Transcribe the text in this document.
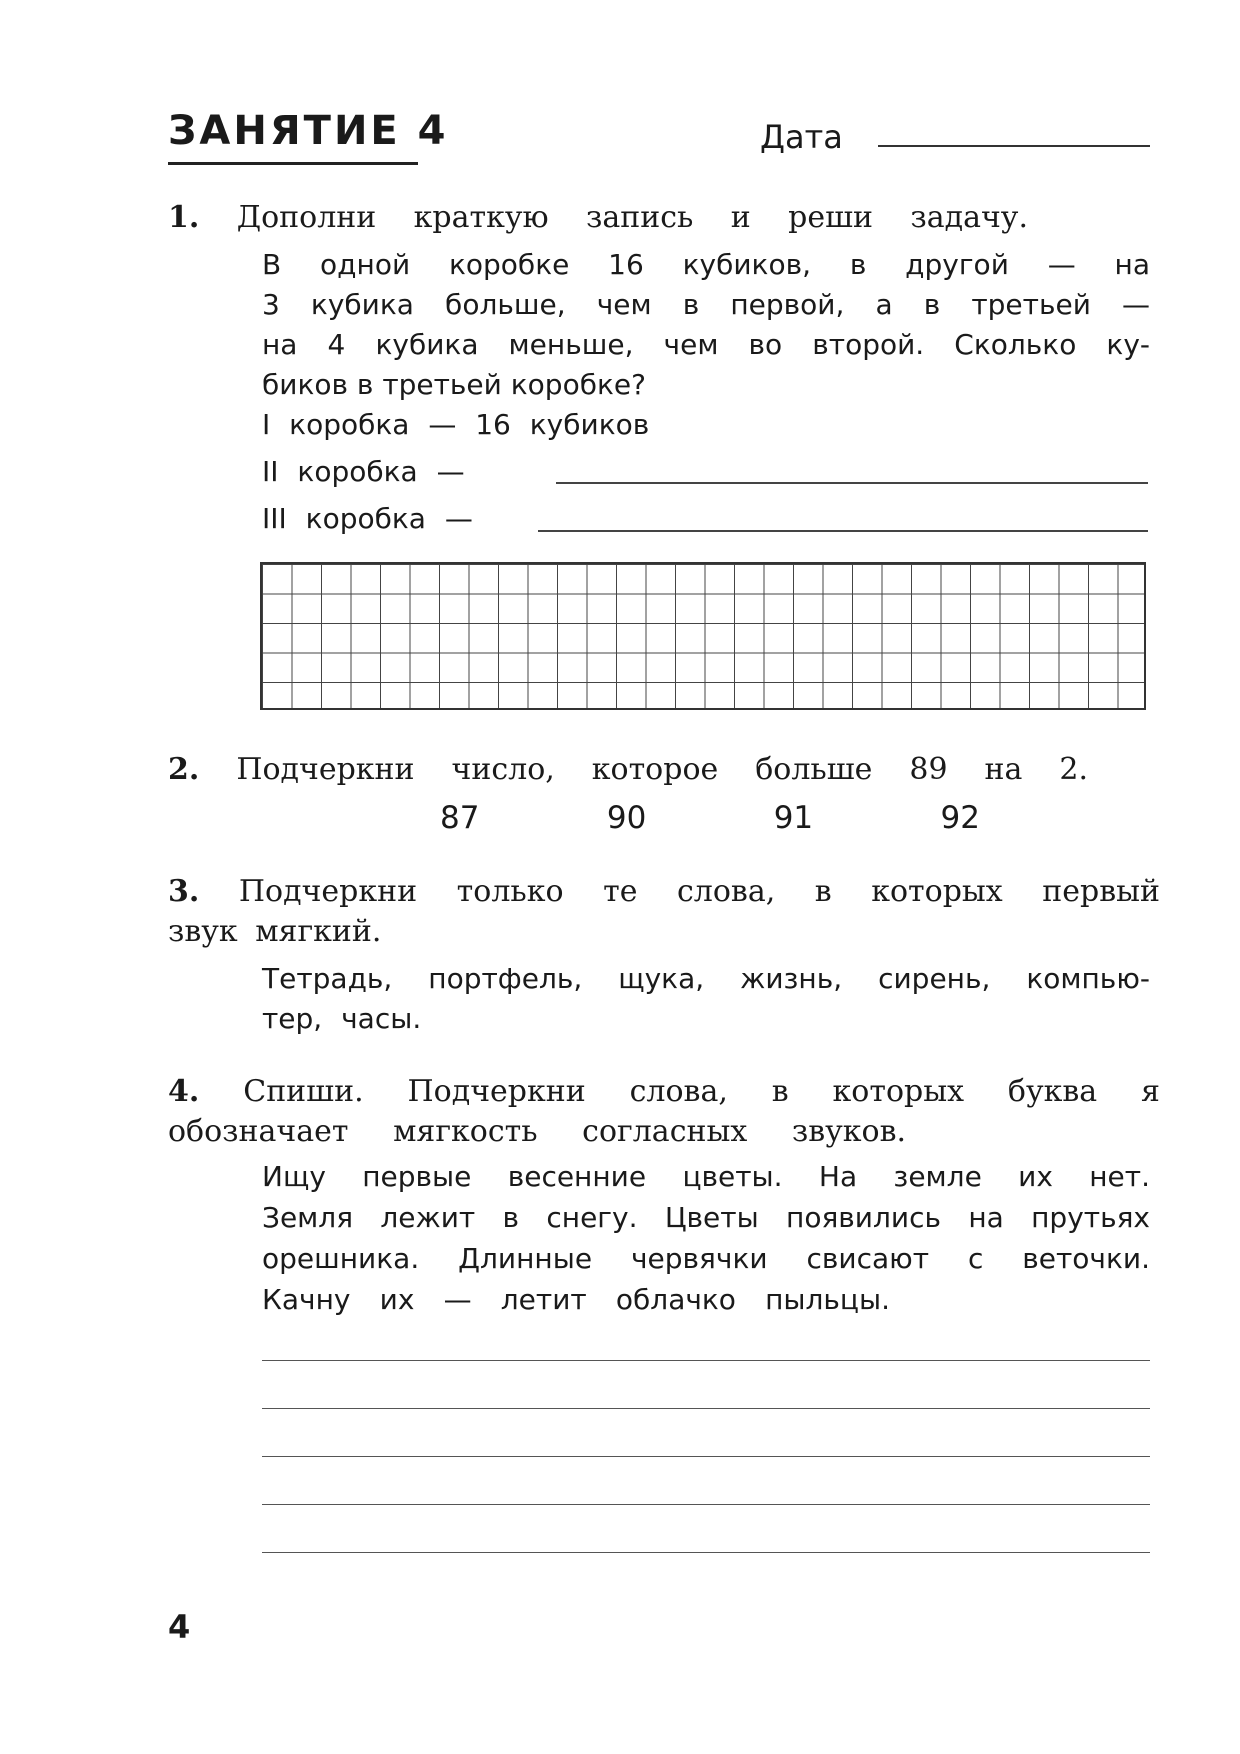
ЗАНЯТИЕ 4	Дата
1. Дополни краткую запись и реши задачу.
В одной коробке 16 кубиков, в другой — на
3 кубика больше, чем в первой, а в третьей —
на 4 кубика меньше, чем во второй. Сколько ку-
биков в третьей коробке?
I коробка — 16 кубиков
II коробка —
III коробка —
2. Подчеркни число, которое больше 89 на 2.
87	90	91	92
3. Подчеркни только те слова, в которых первый
звук мягкий.
Тетрадь, портфель, щука, жизнь, сирень, компью-
тер, часы.
4. Спиши. Подчеркни слова, в которых буква я
обозначает мягкость согласных звуков.
Ищу первые весенние цветы. На земле их нет.
Земля лежит в снегу. Цветы появились на прутьях
орешника. Длинные червячки свисают с веточки.
Качну их — летит облачко пыльцы.
4
